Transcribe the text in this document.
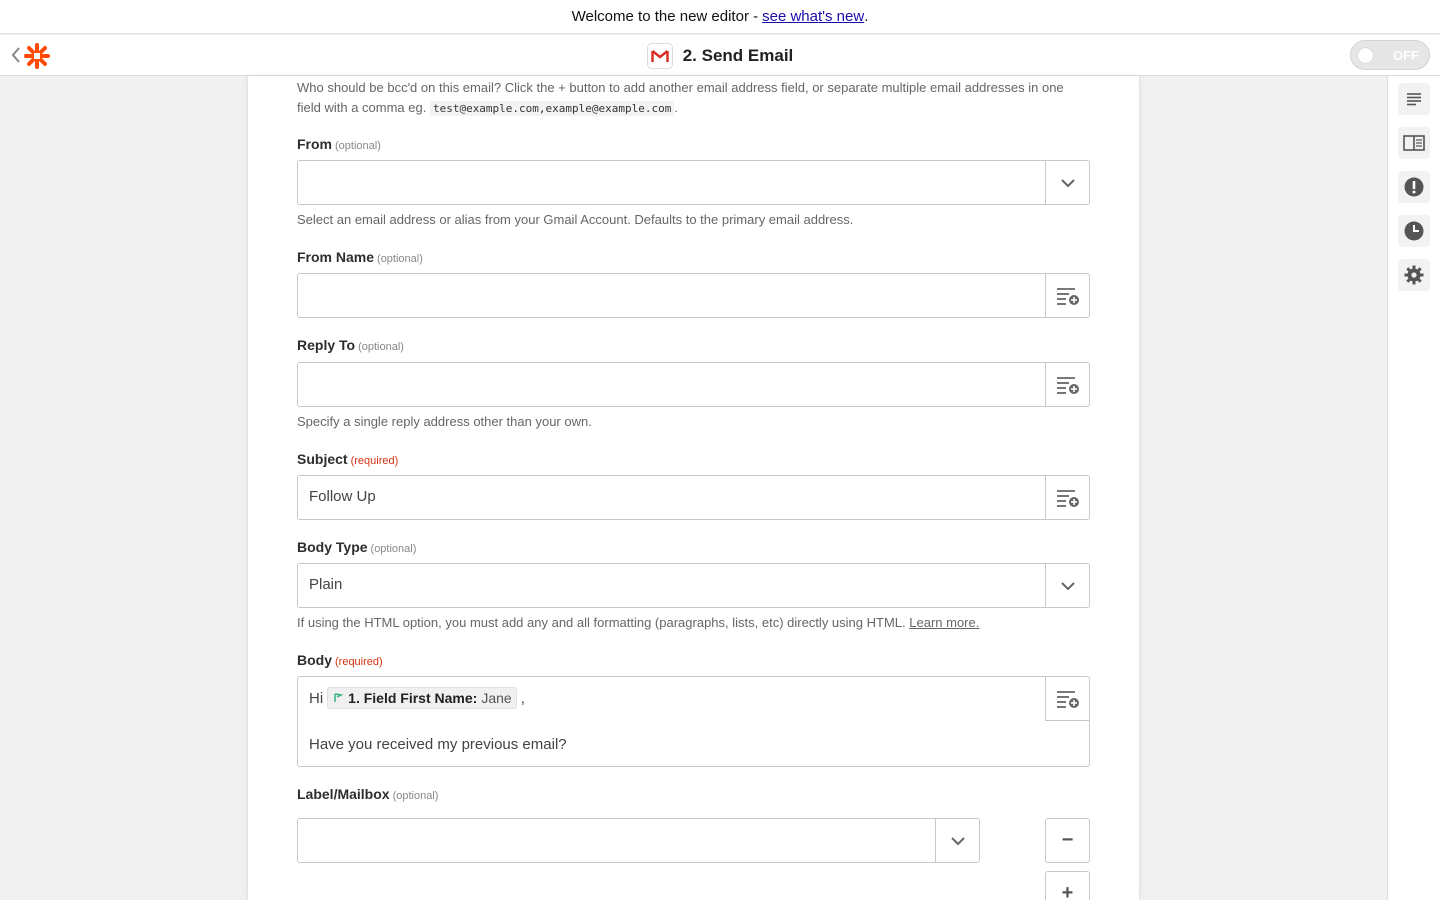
Welcome to the new editor - see what's new .
2. Send Email	OFF
Who should be bcc'd on this email? Click the + button to add another email address field, or separate multiple email addresses in one field with a comma eg. test@example.com,example@example.com .
From (optional)
Select an email address or alias from your Gmail Account. Defaults to the primary email address.
From Name (optional)
Reply To (optional)
Specify a single reply address other than your own.
Subject (required)
Follow Up
Body Type (optional)
Plain
If using the HTML option, you must add any and all formatting (paragraphs, lists, etc) directly using HTML. Learn more.
Body (required)
Hi 1. Field First Name: Jane ,
Have you received my previous email?
Label/Mailbox (optional)
−
+
